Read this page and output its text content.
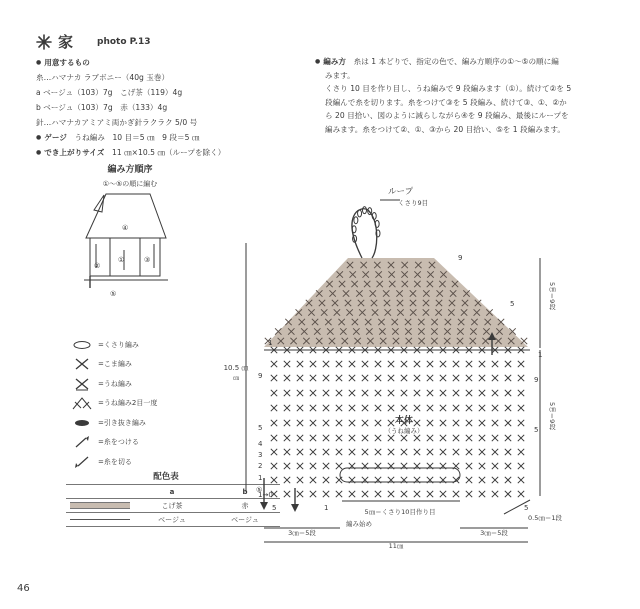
家	photo P.13
● 用意するもの
糸…ハマナカ ラブボニー（40g 玉巻）
a ベージュ（103）7g　こげ茶（119）4g
b ベージュ（103）7g　赤（133）4g
針…ハマナカアミアミ両かぎ針ラクラク 5/0 号
● ゲージ　 うね編み　10 目＝5 ㎝　9 段＝5 ㎝
● でき上がりサイズ　 11 ㎝×10.5 ㎝（ループを除く）
● 編み方　 糸は 1 本どりで、指定の色で、編み方順序の①〜⑤の順に編
みます。
くさり 10 目を作り目し、うね編みで 9 段編みます（①）。続けて②を 5
段編んで糸を切ります。糸をつけて③を 5 段編み、続けて③、①、②か
ら 20 目拾い、図のように減らしながら④を 9 段編み、最後にループを
編みます。糸をつけて②、①、③から 20 目拾い、⑤を 1 段編みます。
編み方順序
①〜⑤の順に編む
④
②
①	③
⑤
=くさり編み
=こま編み
=うね編み
=うね編み2目一度
=引き抜き編み
=糸をつける
=糸を切る
配色表
	a	b

	こげ茶	赤

	ベージュ	ベージュ
ループ
くさり9目
本体
（うね編み）
10.5 ㎝
㎝
5㎝＝9段
5㎝＝9段
5㎝＝くさり10目作り目
編み始め
3㎝＝5段	3㎝＝5段
11㎝
0.5㎝＝1段
9
5
1
9
5
1
9
5
4
3
2
1
1→0
5	1	5
⑤
46
